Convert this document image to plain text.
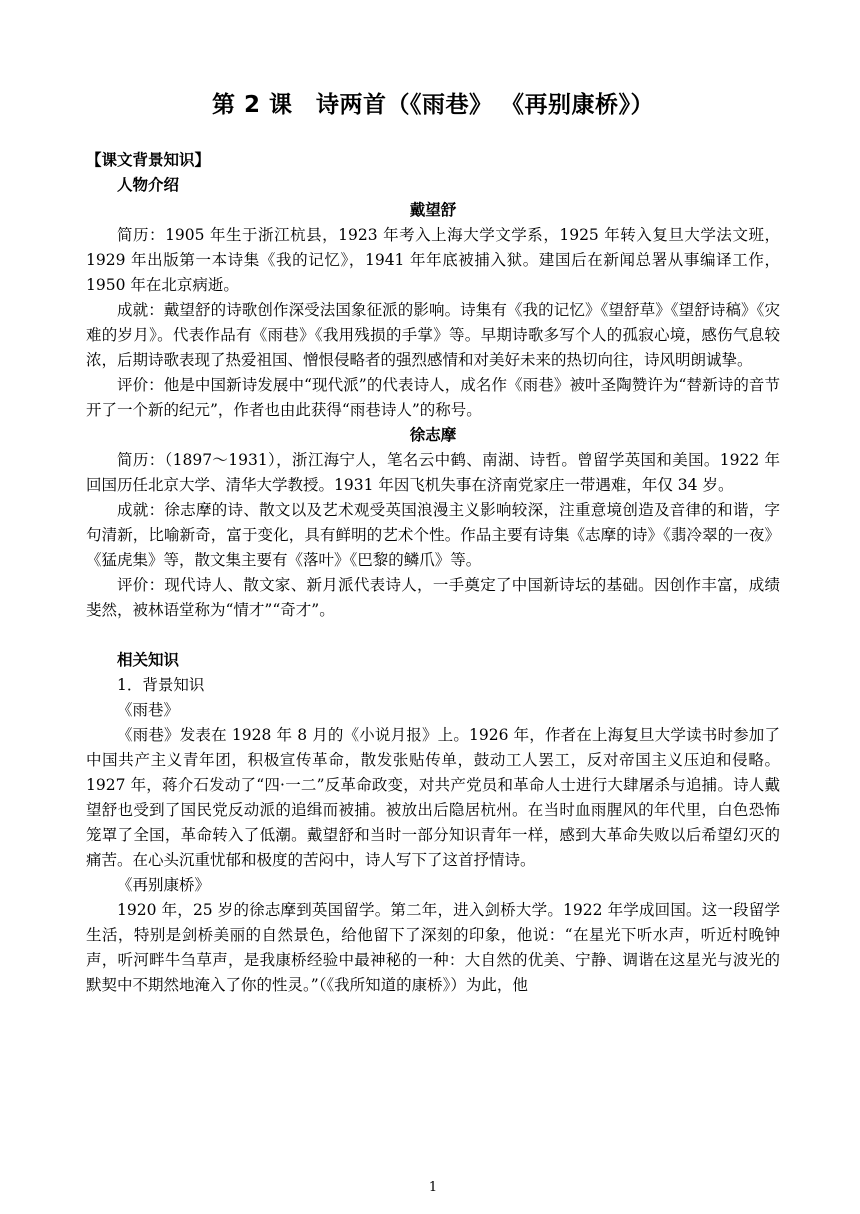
第 2 课　诗两首（《雨巷》 《再别康桥》）

【课文背景知识】

人物介绍

戴望舒

简历：1905 年生于浙江杭县，1923 年考入上海大学文学系，1925 年转入复旦大学法文班，1929 年出版第一本诗集《我的记忆》，1941 年年底被捕入狱。建国后在新闻总署从事编译工作，1950 年在北京病逝。

成就：戴望舒的诗歌创作深受法国象征派的影响。诗集有《我的记忆》《望舒草》《望舒诗稿》《灾难的岁月》。代表作品有《雨巷》《我用残损的手掌》等。早期诗歌多写个人的孤寂心境，感伤气息较浓，后期诗歌表现了热爱祖国、憎恨侵略者的强烈感情和对美好未来的热切向往，诗风明朗诚挚。

评价：他是中国新诗发展中“现代派”的代表诗人，成名作《雨巷》被叶圣陶赞许为“替新诗的音节开了一个新的纪元”，作者也由此获得“雨巷诗人”的称号。

徐志摩

简历：（1897～1931），浙江海宁人，笔名云中鹤、南湖、诗哲。曾留学英国和美国。1922 年回国历任北京大学、清华大学教授。1931 年因飞机失事在济南党家庄一带遇难，年仅 34 岁。

成就：徐志摩的诗、散文以及艺术观受英国浪漫主义影响较深，注重意境创造及音律的和谐，字句清新，比喻新奇，富于变化，具有鲜明的艺术个性。作品主要有诗集《志摩的诗》《翡冷翠的一夜》《猛虎集》等，散文集主要有《落叶》《巴黎的鳞爪》等。

评价：现代诗人、散文家、新月派代表诗人，一手奠定了中国新诗坛的基础。因创作丰富，成绩斐然，被林语堂称为“情才”“奇才”。

相关知识

1．背景知识

《雨巷》

《雨巷》发表在 1928 年 8 月的《小说月报》上。1926 年，作者在上海复旦大学读书时参加了中国共产主义青年团，积极宣传革命，散发张贴传单，鼓动工人罢工，反对帝国主义压迫和侵略。1927 年，蒋介石发动了“四·一二”反革命政变，对共产党员和革命人士进行大肆屠杀与追捕。诗人戴望舒也受到了国民党反动派的追缉而被捕。被放出后隐居杭州。在当时血雨腥风的年代里，白色恐怖笼罩了全国，革命转入了低潮。戴望舒和当时一部分知识青年一样，感到大革命失败以后希望幻灭的痛苦。在心头沉重忧郁和极度的苦闷中，诗人写下了这首抒情诗。

《再别康桥》

1920 年，25 岁的徐志摩到英国留学。第二年，进入剑桥大学。1922 年学成回国。这一段留学生活，特别是剑桥美丽的自然景色，给他留下了深刻的印象，他说：“在星光下听水声，听近村晚钟声，听河畔牛刍草声，是我康桥经验中最神秘的一种：大自然的优美、宁静、调谐在这星光与波光的默契中不期然地淹入了你的性灵。”（《我所知道的康桥》）为此，他

1
